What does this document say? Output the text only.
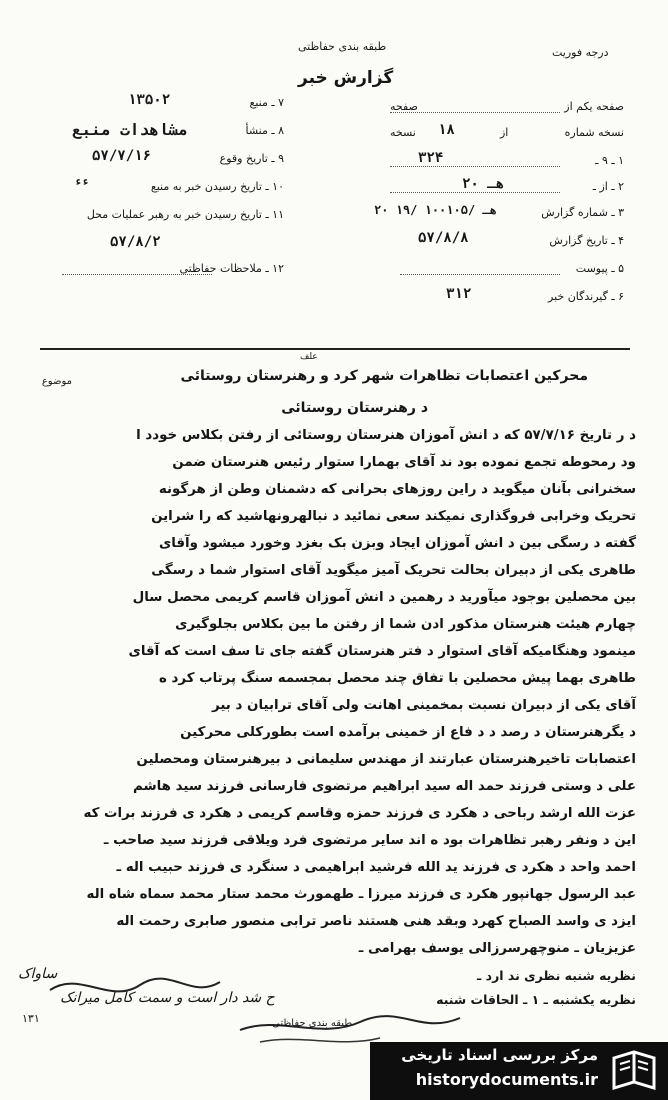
طبقه بندی حفاظتی
گزارش خبر
درجه فوریت
صفحه یکم از
صفحه
نسخه شماره
از
۱۸
نسخه
۱ ـ ۹ ـ
۳۲۴
۲ ـ از ـ
۲۰ هـ
۳ ـ شماره گزارش
۲۰ هـ /۱۰۰۱۰۵ /۱۹
۴ ـ تاریخ گزارش
۵۷/۸/۸
۵ ـ پیوست
۶ ـ گیرندگان خبر
۳۱۲
۷ ـ منبع
۱۳۵۰۲
۸ ـ منشأ
مشاهدات منبع
۹ ـ تاریخ وقوع
۵۷/۷/۱۶
۱۰ ـ تاریخ رسیدن خبر به منبع
ءء
۱۱ ـ تاریخ رسیدن خبر به رهبر عملیات محل
۵۷/۸/۲
۱۲ ـ ملاحظات حفاظتی
موضوع	محرکین اعتصابات تظاهرات شهر کرد و رهنرستان روستائی
علف
د رهنرستان روستائی
د ر تاریخ ۵۷/۷/۱۶ که د انش آموزان هنرستان روستائی از رفتن بکلاس خودد ا
ود رمحوطه تجمع نموده بود ند آقای بهمارا ستوار رئیس هنرستان ضمن
سخنرانی بآنان میگوید د راین روزهای بحرانی که دشمنان وطن از هرگونه
تحریک وخرابی فروگذاری نمیکند سعی نمائید د نبالهرونهاشید که را شراین
گفته د رسگی بین د انش آموزان ایجاد وبزن بک بغزد وخورد میشود وآقای
طاهری یکی از دبیران بحالت تحریک آمیز میگوید آقای استوار شما د رسگی
بین محصلین بوجود میآورید د رهمین د انش آموزان قاسم کریمی محصل سال
چهارم هیئت هنرستان مذکور ادن شما از رفتن ما بین بکلاس بجلوگیری
مینمود وهنگامیکه آقای استوار د فتر هنرستان گفته جای تا سف است که آقای
طاهری بهما پیش محصلین با تفاق چند محصل بمجسمه سنگ پرتاب کرد ه
آقای یکی از دبیران نسبت بمخمینی اهانت ولی آقای ترابیان د بیر
د یگرهنرستان د رصد د د فاع از خمینی برآمده است بطورکلی محرکین
اعتصابات تاخیرهنرستان عبارتند از مهندس سلیمانی د بیرهنرستان ومحصلین
علی د وستی فرزند حمد اله سید ابراهیم مرتضوی فارسانی فرزند سید هاشم
عزت الله ارشد رباحی د هکرد ی فرزند حمزه وقاسم کریمی د هکرد ی فرزند برات که
این د ونفر رهبر تظاهرات بود ه اند سایر مرتضوی فرد ویلاقی فرزند سید صاحب ـ
احمد واحد د هکرد ی فرزند ید الله فرشید ابراهیمی د سنگرد ی فرزند حبیب اله ـ
عبد الرسول جهانپور هکرد ی فرزند میرزا ـ طهمورث محمد ستار محمد سماه شاه اله
ایزد ی واسد الصباح کهرد وبقد هنی هستند ناصر ترابی منصور صابری رحمت اله
عزیزیان ـ منوچهرسرزالی یوسف بهرامی ـ
نظریه شنبه نظری ند ارد ـ
نظریه یکشنبه ـ ۱ ـ الحاقات شنبه
ساواک
ح شد دار است و سمت کامل میرانک
طبقه بندی حفاظتی
۱۳۱
مرکز بررسی اسناد تاریخی
historydocuments.ir
